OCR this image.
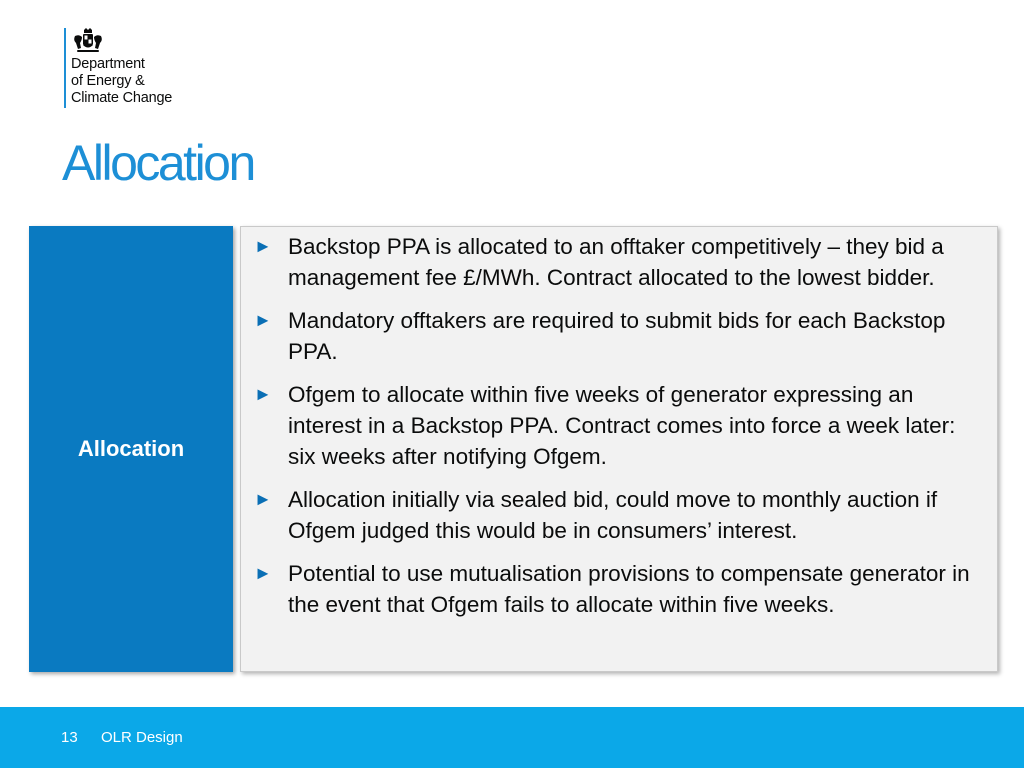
Department
of Energy &
Climate Change
Allocation
Allocation
► Backstop PPA is allocated to an offtaker competitively – they bid a management fee £/MWh. Contract allocated to the lowest bidder.
► Mandatory offtakers are required to submit bids for each Backstop PPA.
► Ofgem to allocate within five weeks of generator expressing an interest in a Backstop PPA. Contract comes into force a week later: six weeks after notifying Ofgem.
► Allocation initially via sealed bid, could move to monthly auction if Ofgem judged this would be in consumers’ interest.
► Potential to use mutualisation provisions to compensate generator in the event that Ofgem fails to allocate within five weeks.
13 OLR Design
